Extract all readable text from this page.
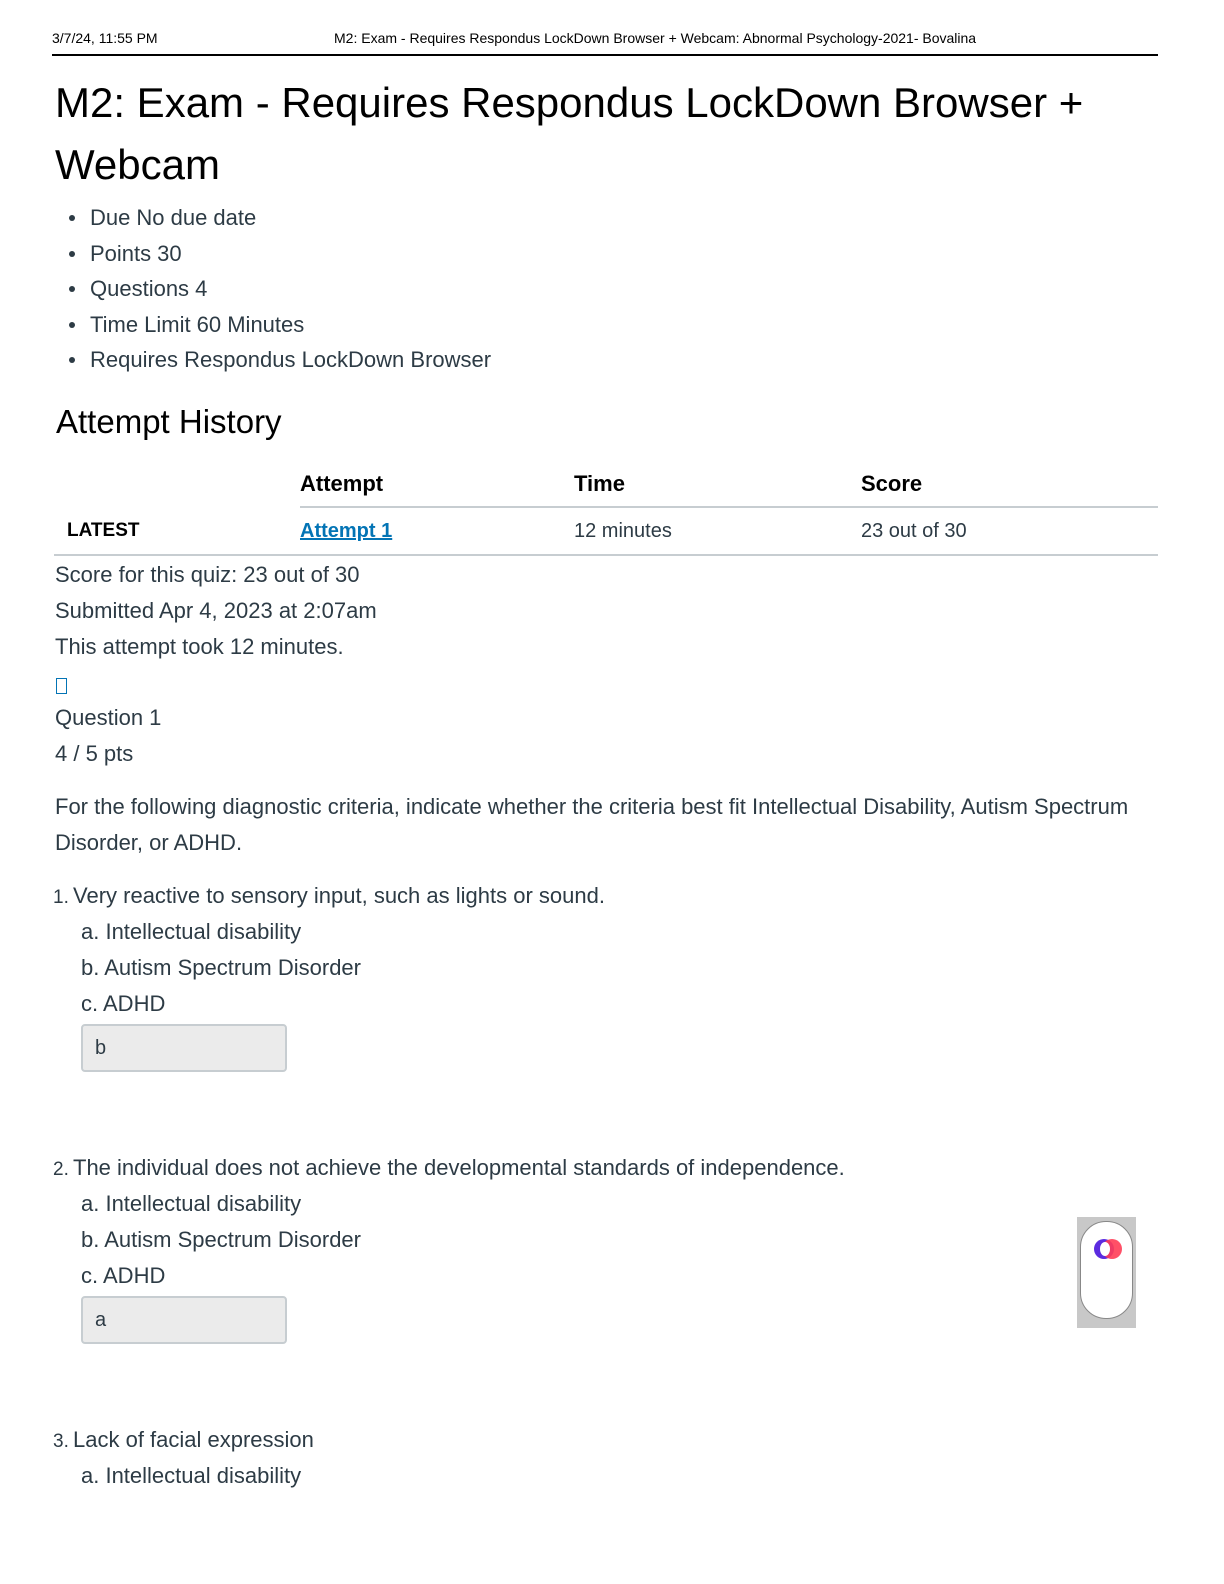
3/7/24, 11:55 PM	M2: Exam - Requires Respondus LockDown Browser + Webcam: Abnormal Psychology-2021- Bovalina
M2: Exam - Requires Respondus LockDown Browser + Webcam
Due No due date
Points 30
Questions 4
Time Limit 60 Minutes
Requires Respondus LockDown Browser
Attempt History
	Attempt	Time	Score
LATEST	Attempt 1	12 minutes	23 out of 30
Score for this quiz: 23 out of 30
Submitted Apr 4, 2023 at 2:07am
This attempt took 12 minutes.
Question 1
4 / 5 pts

For the following diagnostic criteria, indicate whether the criteria best fit Intellectual Disability, Autism Spectrum Disorder, or ADHD.

1. Very reactive to sensory input, such as lights or sound.
a. Intellectual disability
b. Autism Spectrum Disorder
c. ADHD
b
2. The individual does not achieve the developmental standards of independence.
a. Intellectual disability
b. Autism Spectrum Disorder
c. ADHD
a
3. Lack of facial expression
a. Intellectual disability
